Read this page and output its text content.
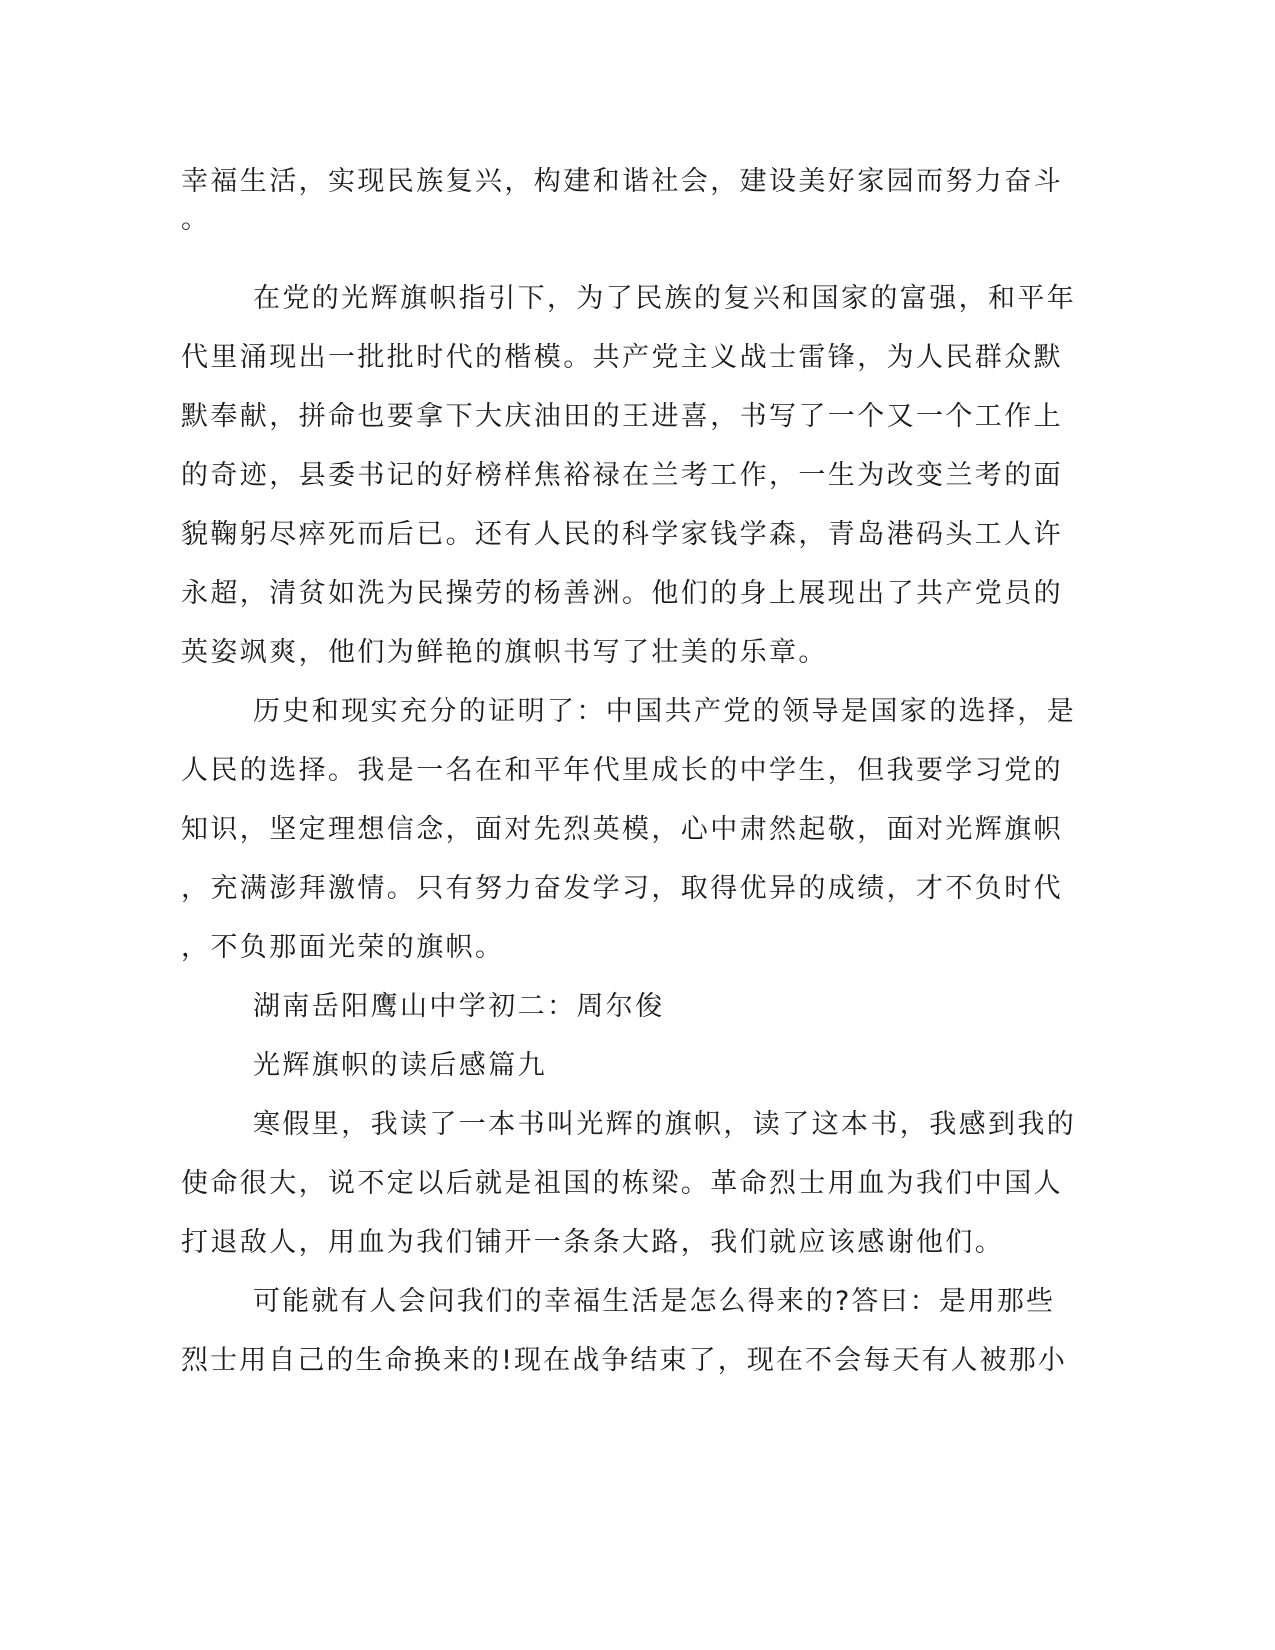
幸福生活，实现民族复兴，构建和谐社会，建设美好家园而努力奋斗
。
在党的光辉旗帜指引下，为了民族的复兴和国家的富强，和平年
代里涌现出一批批时代的楷模。共产党主义战士雷锋，为人民群众默
默奉献，拼命也要拿下大庆油田的王进喜，书写了一个又一个工作上
的奇迹，县委书记的好榜样焦裕禄在兰考工作，一生为改变兰考的面
貌鞠躬尽瘁死而后已。还有人民的科学家钱学森，青岛港码头工人许
永超，清贫如洗为民操劳的杨善洲。他们的身上展现出了共产党员的
英姿飒爽，他们为鲜艳的旗帜书写了壮美的乐章。
历史和现实充分的证明了：中国共产党的领导是国家的选择，是
人民的选择。我是一名在和平年代里成长的中学生，但我要学习党的
知识，坚定理想信念，面对先烈英模，心中肃然起敬，面对光辉旗帜
，充满澎拜激情。只有努力奋发学习，取得优异的成绩，才不负时代
，不负那面光荣的旗帜。
湖南岳阳鹰山中学初二：周尔俊
光辉旗帜的读后感篇九
寒假里，我读了一本书叫光辉的旗帜，读了这本书，我感到我的
使命很大，说不定以后就是祖国的栋梁。革命烈士用血为我们中国人
打退敌人，用血为我们铺开一条条大路，我们就应该感谢他们。
可能就有人会问我们的幸福生活是怎么得来的?答曰：是用那些
烈士用自己的生命换来的!现在战争结束了，现在不会每天有人被那小
